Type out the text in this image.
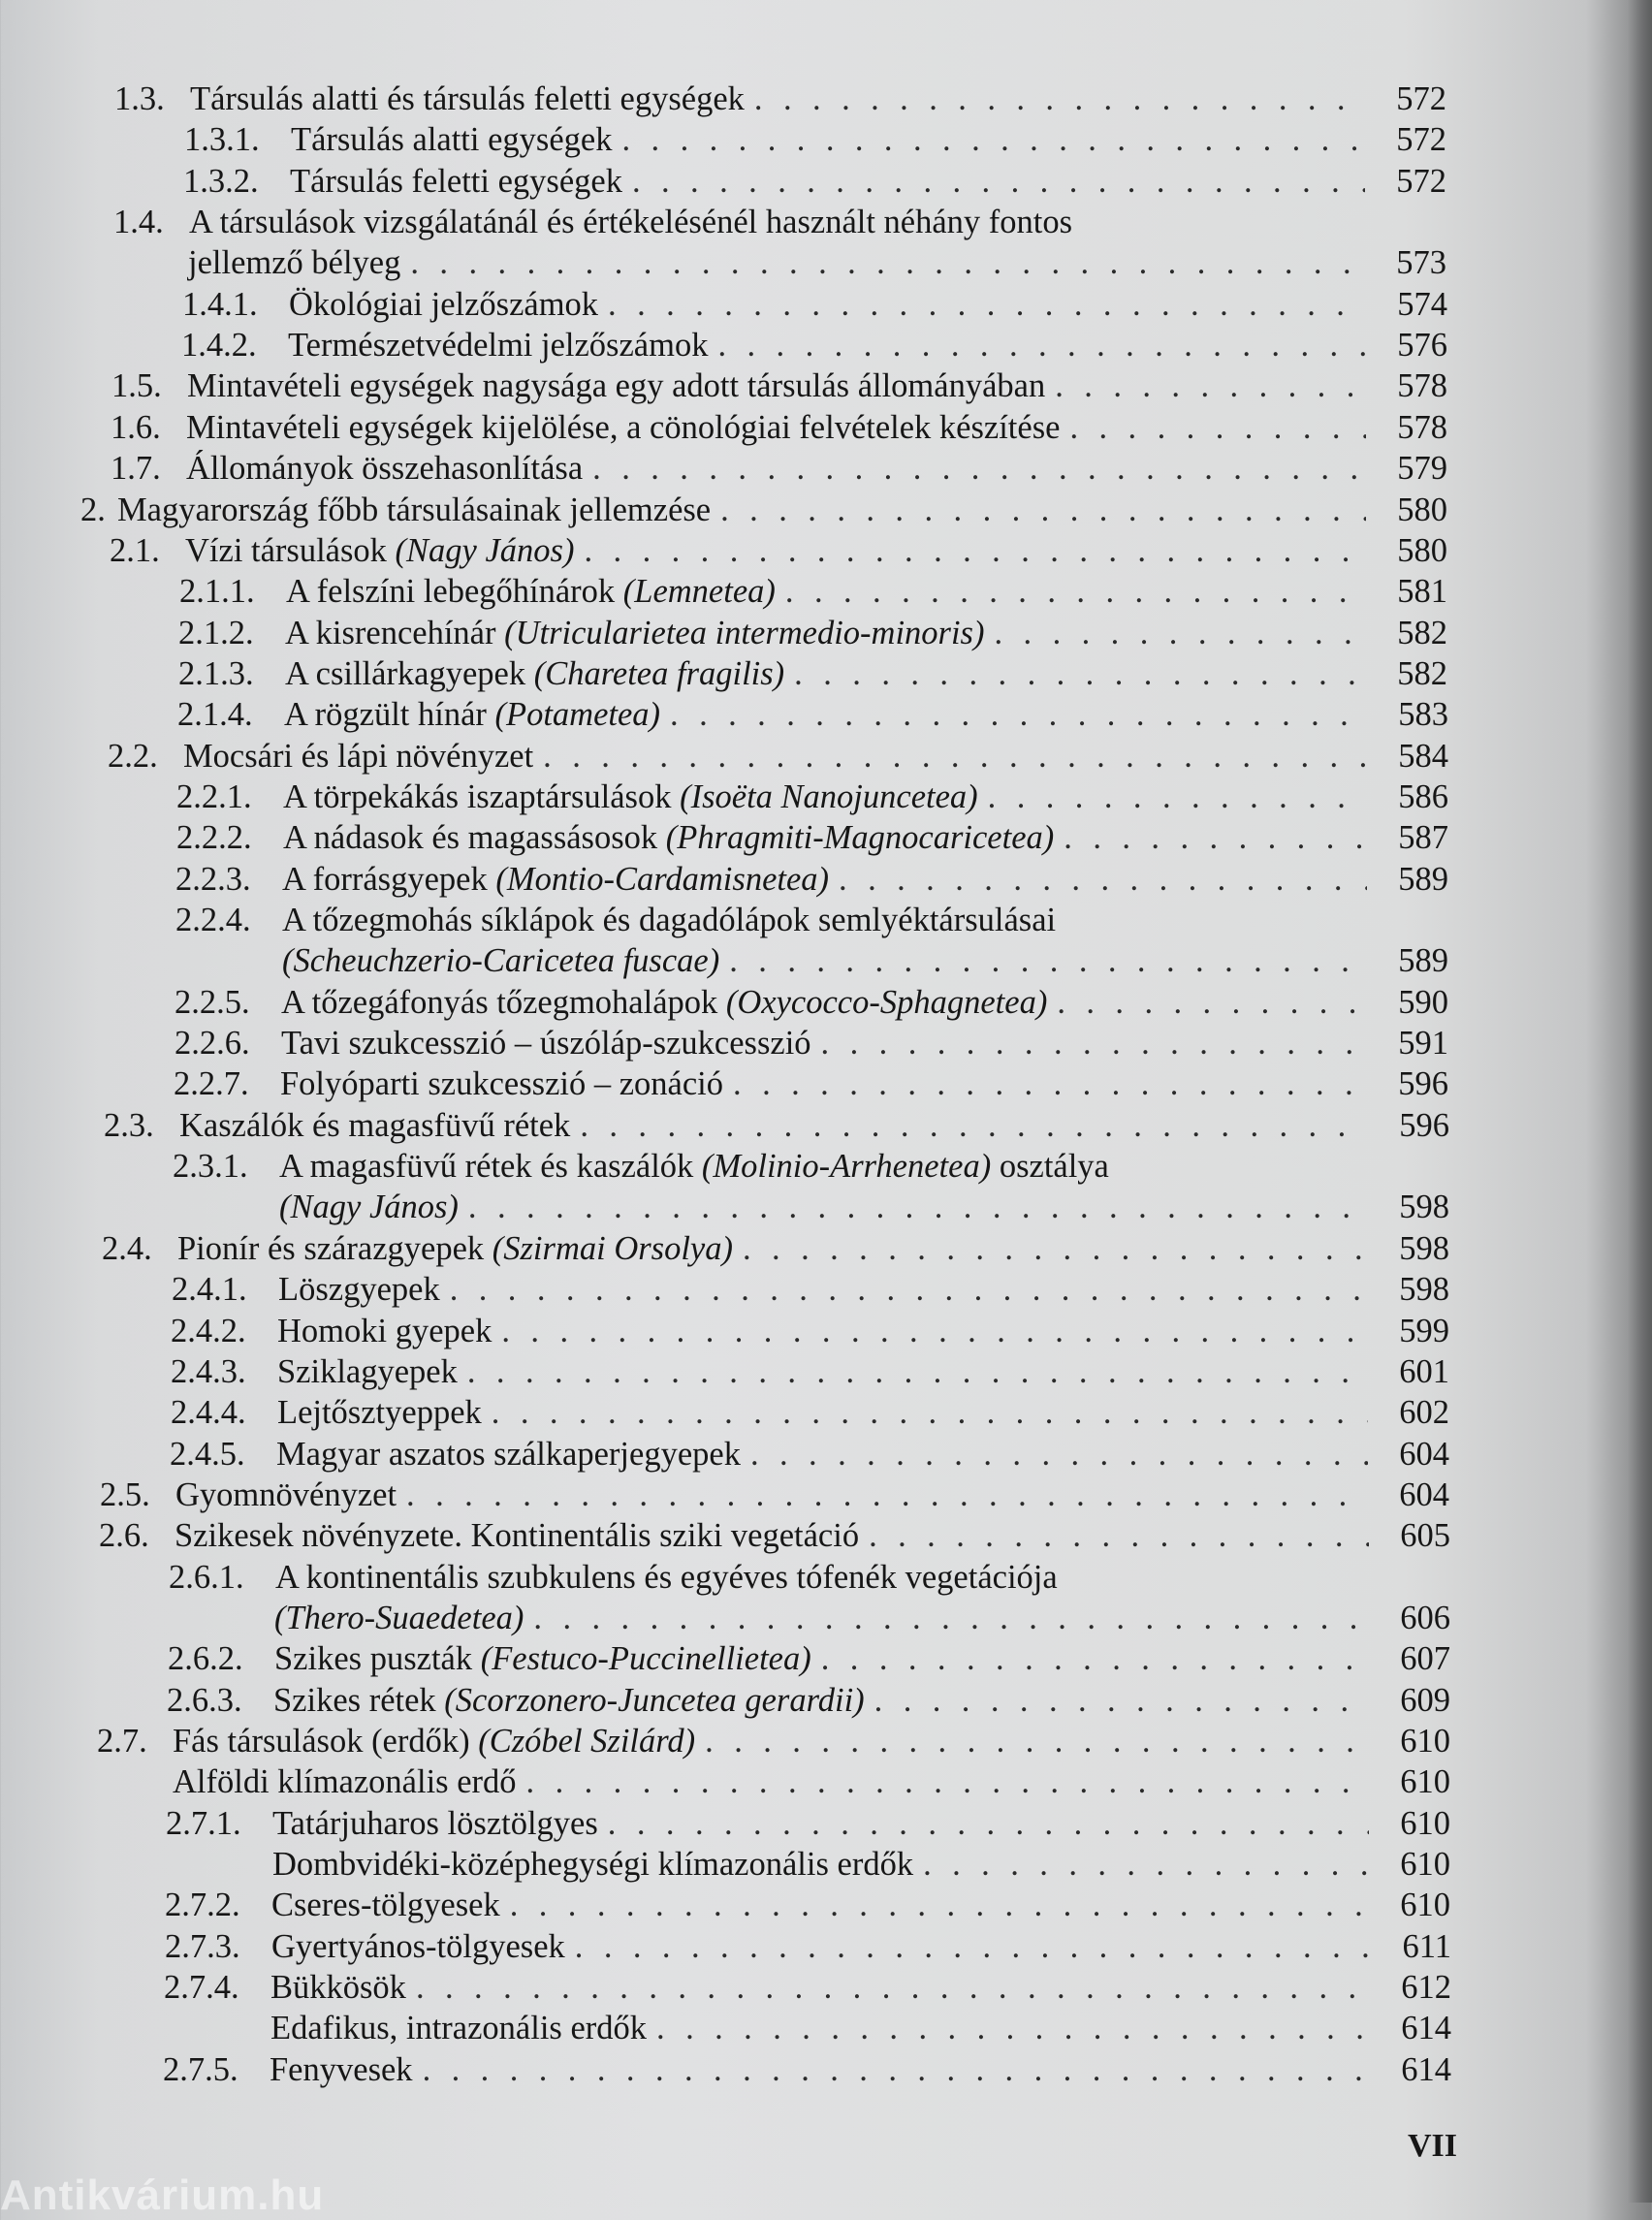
1.3. Társulás alatti és társulás feletti egységek . . .	572
1.3.1. Társulás alatti egységek . . .	572
1.3.2. Társulás feletti egységek . . .	572
1.4. A társulások vizsgálatánál és értékelésénél használt néhány fontos
jellemző bélyeg . . .	573
1.4.1. Ökológiai jelzőszámok . . .	574
1.4.2. Természetvédelmi jelzőszámok . . .	576
1.5. Mintavételi egységek nagysága egy adott társulás állományában . . .	578
1.6. Mintavételi egységek kijelölése, a cönológiai felvételek készítése . . .	578
1.7. Állományok összehasonlítása . . .	579
2. Magyarország főbb társulásainak jellemzése . . .	580
2.1. Vízi társulások (Nagy János) . . .	580
2.1.1. A felszíni lebegőhínárok (Lemnetea) . . .	581
2.1.2. A kisrencehínár (Utricularietea intermedio-minoris) . . .	582
2.1.3. A csillárkagyepek (Charetea fragilis) . . .	582
2.1.4. A rögzült hínár (Potametea) . . .	583
2.2. Mocsári és lápi növényzet . . .	584
2.2.1. A törpekákás iszaptársulások (Isoëta Nanojuncetea) . . .	586
2.2.2. A nádasok és magassásosok (Phragmiti-Magnocaricetea) . . .	587
2.2.3. A forrásgyepek (Montio-Cardamisnetea) . . .	589
2.2.4. A tőzegmohás síklápok és dagadólápok semlyéktársulásai
(Scheuchzerio-Caricetea fuscae) . . .	589
2.2.5. A tőzegáfonyás tőzegmohalápok (Oxycocco-Sphagnetea) . . .	590
2.2.6. Tavi szukcesszió – úszóláp-szukcesszió . . .	591
2.2.7. Folyóparti szukcesszió – zonáció . . .	596
2.3. Kaszálók és magasfüvű rétek . . .	596
2.3.1. A magasfüvű rétek és kaszálók (Molinio-Arrhenetea) osztálya
(Nagy János) . . .	598
2.4. Pionír és szárazgyepek (Szirmai Orsolya) . . .	598
2.4.1. Löszgyepek . . .	598
2.4.2. Homoki gyepek . . .	599
2.4.3. Sziklagyepek . . .	601
2.4.4. Lejtősztyeppek . . .	602
2.4.5. Magyar aszatos szálkaperjegyepek . . .	604
2.5. Gyomnövényzet . . .	604
2.6. Szikesek növényzete. Kontinentális sziki vegetáció . . .	605
2.6.1. A kontinentális szubkulens és egyéves tófenék vegetációja
(Thero-Suaedetea) . . .	606
2.6.2. Szikes puszták (Festuco-Puccinellietea) . . .	607
2.6.3. Szikes rétek (Scorzonero-Juncetea gerardii) . . .	609
2.7. Fás társulások (erdők) (Czóbel Szilárd) . . .	610
Alföldi klímazonális erdő . . .	610
2.7.1. Tatárjuharos lösztölgyes . . .	610
Dombvidéki-középhegységi klímazonális erdők . . .	610
2.7.2. Cseres-tölgyesek . . .	610
2.7.3. Gyertyános-tölgyesek . . .	611
2.7.4. Bükkösök . . .	612
Edafikus, intrazonális erdők . . .	614
2.7.5. Fenyvesek . . .	614
VII
Antikvárium.hu
